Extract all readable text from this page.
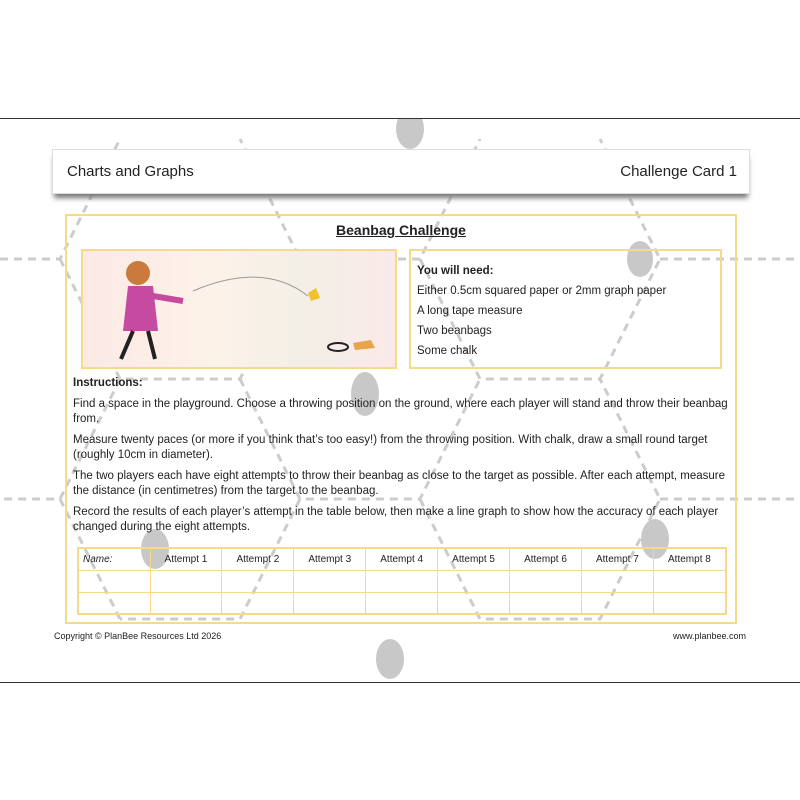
Charts and Graphs	Challenge Card 1
Beanbag Challenge
You will need:
Either 0.5cm squared paper or 2mm graph paper
A long tape measure
Two beanbags
Some chalk
Instructions:

Find a space in the playground. Choose a throwing position on the ground, where each player will stand and throw their beanbag from.

Measure twenty paces (or more if you think that’s too easy!) from the throwing position. With chalk, draw a small round target (roughly 10cm in diameter).

The two players each have eight attempts to throw their beanbag as close to the target as possible. After each attempt, measure the distance (in centimetres) from the target to the beanbag.

Record the results of each player’s attempt in the table below, then make a line graph to show how the accuracy of each player changed during the eight attempts.

Name:	Attempt 1	Attempt 2	Attempt 3	Attempt 4	Attempt 5	Attempt 6	Attempt 7	Attempt 8

Copyright © PlanBee Resources Ltd 2026	www.planbee.com
